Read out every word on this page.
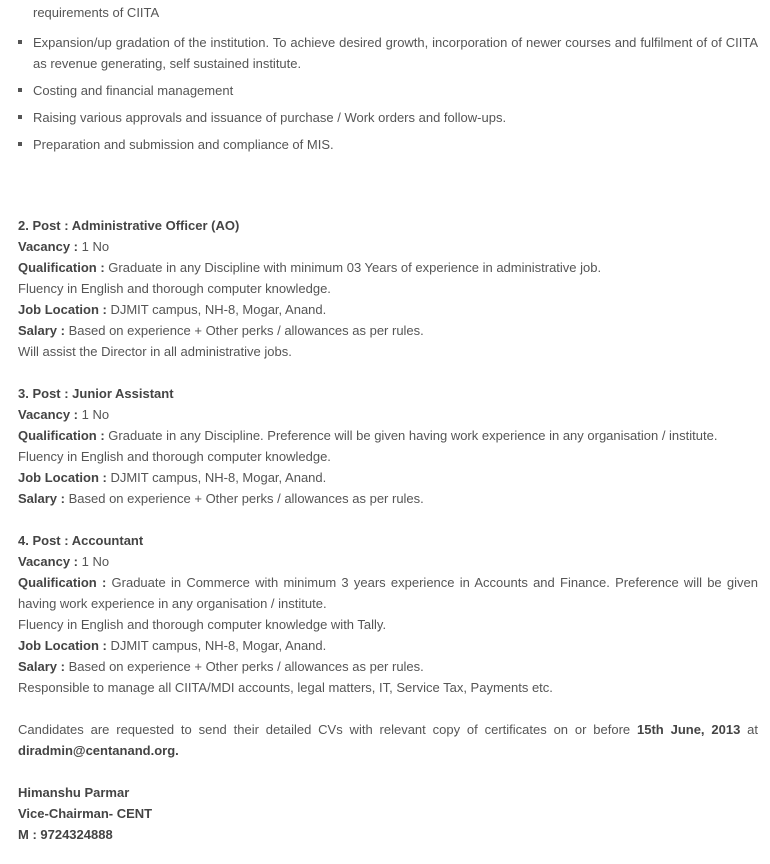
requirements of CIITA
Expansion/up gradation of the institution. To achieve desired growth, incorporation of newer courses and fulfilment of of CIITA as revenue generating, self sustained institute.
Costing and financial management
Raising various approvals and issuance of purchase / Work orders and follow-ups.
Preparation and submission and compliance of MIS.

2. Post : Administrative Officer (AO)

Vacancy : 1 No

Qualification : Graduate in any Discipline with minimum 03 Years of experience in administrative job.

Fluency in English and thorough computer knowledge.

Job Location : DJMIT campus, NH-8, Mogar, Anand.

Salary : Based on experience + Other perks / allowances as per rules.

Will assist the Director in all administrative jobs.

3. Post : Junior Assistant

Vacancy : 1 No

Qualification : Graduate in any Discipline. Preference will be given having work experience in any organisation / institute.

Fluency in English and thorough computer knowledge.

Job Location : DJMIT campus, NH-8, Mogar, Anand.

Salary : Based on experience + Other perks / allowances as per rules.

4. Post : Accountant

Vacancy : 1 No

Qualification : Graduate in Commerce with minimum 3 years experience in Accounts and Finance. Preference will be given having work experience in any organisation / institute.

Fluency in English and thorough computer knowledge with Tally.

Job Location : DJMIT campus, NH-8, Mogar, Anand.

Salary : Based on experience + Other perks / allowances as per rules.

Responsible to manage all CIITA/MDI accounts, legal matters, IT, Service Tax, Payments etc.

Candidates are requested to send their detailed CVs with relevant copy of certificates on or before 15th June, 2013 at diradmin@centanand.org.

Himanshu Parmar

Vice-Chairman- CENT

M : 9724324888
